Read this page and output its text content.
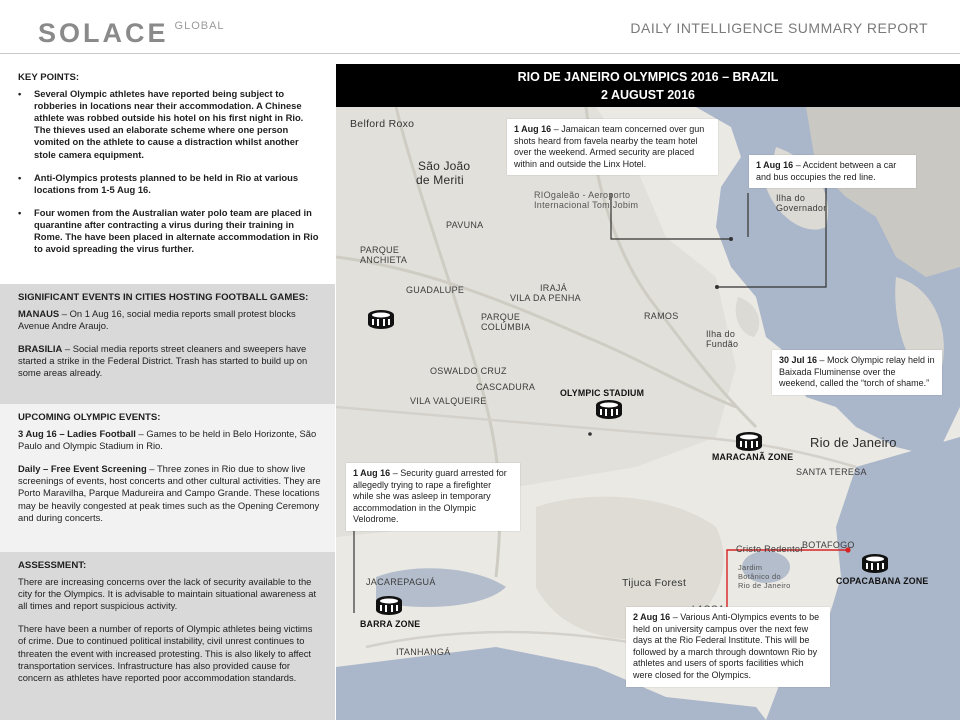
SOLACE GLOBAL	DAILY INTELLIGENCE SUMMARY REPORT
KEY POINTS:
• Several Olympic athletes have reported being subject to robberies in locations near their accommodation. A Chinese athlete was robbed outside his hotel on his first night in Rio. The thieves used an elaborate scheme where one person vomited on the athlete to cause a distraction whilst another stole camera equipment.
• Anti-Olympics protests planned to be held in Rio at various locations from 1-5 Aug 16.
• Four women from the Australian water polo team are placed in quarantine after contracting a virus during their training in Rome. The have been placed in alternate accommodation in Rio to avoid spreading the virus further.
SIGNIFICANT EVENTS IN CITIES HOSTING FOOTBALL GAMES:
MANAUS – On 1 Aug 16, social media reports small protest blocks Avenue Andre Araujo.
BRASILIA – Social media reports street cleaners and sweepers have started a strike in the Federal District. Trash has started to build up on some areas already.
UPCOMING OLYMPIC EVENTS:
3 Aug 16 – Ladies Football – Games to be held in Belo Horizonte, São Paulo and Olympic Stadium in Rio.
Daily – Free Event Screening – Three zones in Rio due to show live screenings of events, host concerts and other cultural activities. They are Porto Maravilha, Parque Madureira and Campo Grande. These locations may be heavily congested at peak times such as the Opening Ceremony and during concerts.
ASSESSMENT:
There are increasing concerns over the lack of security available to the city for the Olympics. It is advisable to maintain situational awareness at all times and report suspicious activity.
There have been a number of reports of Olympic athletes being victims of crime. Due to continued political instability, civil unrest continues to threaten the event with increased protesting. This is also likely to affect transportation services. Infrastructure has also provided cause for concern as athletes have reported poor accommodation standards.
RIO DE JANEIRO OLYMPICS 2016 – BRAZIL
2 AUGUST 2016
Belford Roxo
São João
de Meriti
PAVUNA
PARQUE
ANCHIETA
GUADALUPE	IRAJÁ
VILA DA PENHA
PARQUE
COLÚMBIA
OSWALDO CRUZ
CASCADURA
VILA VALQUEIRE
RAMOS
Ilha do
Fundão
Ilha do
Governador
RIOgaleão - Aeroporto
Internacional Tom Jobim
Rio de Janeiro
SANTA TERESA
JACAREPAGUÁ
ITANHANGÁ
Tijuca Forest
Cristo Redentor
Jardim
Botânico do
Rio de Janeiro
BOTAFOGO
OLYMPIC STADIUM
MARACANÃ ZONE
COPACABANA ZONE
BARRA ZONE
1 Aug 16 – Jamaican team concerned over gun shots heard from favela nearby the team hotel over the weekend. Armed security are placed within and outside the Linx Hotel.	1 Aug 16 – Accident between a car and bus occupies the red line.
30 Jul 16 – Mock Olympic relay held in Baixada Fluminense over the weekend, called the “torch of shame.”
1 Aug 16 – Security guard arrested for allegedly trying to rape a firefighter while she was asleep in temporary accommodation in the Olympic Velodrome.
2 Aug 16 – Various Anti-Olympics events to be held on university campus over the next few days at the Rio Federal Institute. This will be followed by a march through downtown Rio by athletes and users of sports facilities which were closed for the Olympics.
